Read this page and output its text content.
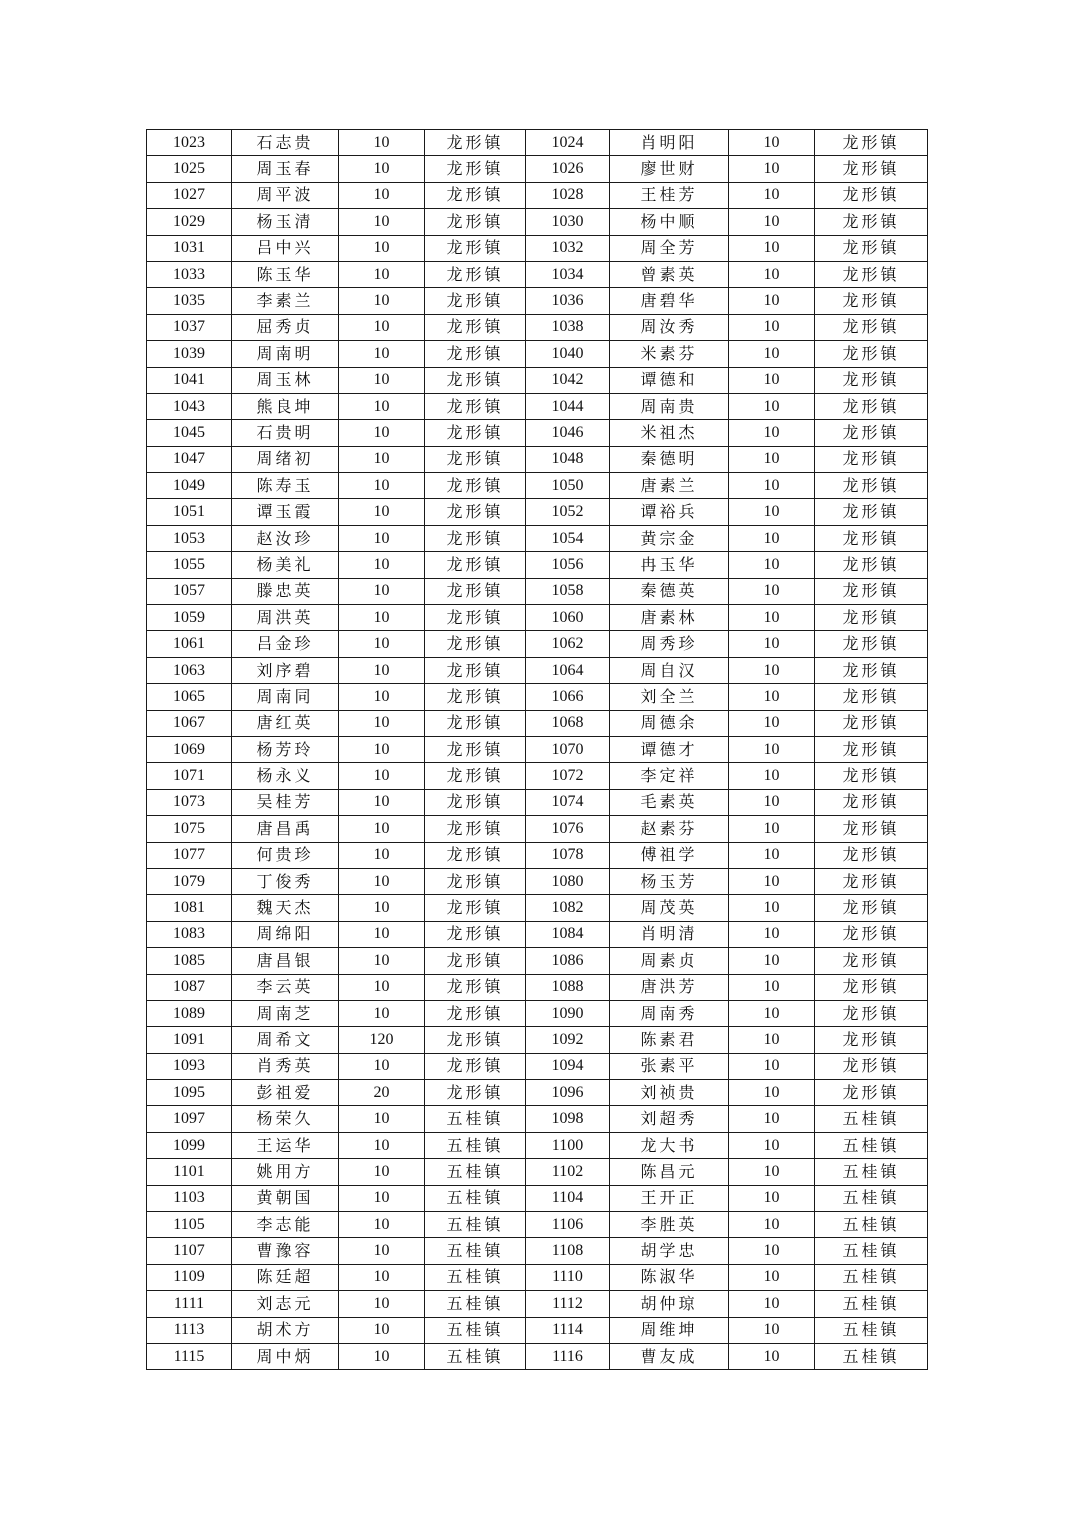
1023	石志贵	10	龙形镇	1024	肖明阳	10	龙形镇
1025	周玉春	10	龙形镇	1026	廖世财	10	龙形镇
1027	周平波	10	龙形镇	1028	王桂芳	10	龙形镇
1029	杨玉清	10	龙形镇	1030	杨中顺	10	龙形镇
1031	吕中兴	10	龙形镇	1032	周全芳	10	龙形镇
1033	陈玉华	10	龙形镇	1034	曾素英	10	龙形镇
1035	李素兰	10	龙形镇	1036	唐碧华	10	龙形镇
1037	屈秀贞	10	龙形镇	1038	周汝秀	10	龙形镇
1039	周南明	10	龙形镇	1040	米素芬	10	龙形镇
1041	周玉林	10	龙形镇	1042	谭德和	10	龙形镇
1043	熊良坤	10	龙形镇	1044	周南贵	10	龙形镇
1045	石贵明	10	龙形镇	1046	米祖杰	10	龙形镇
1047	周绪初	10	龙形镇	1048	秦德明	10	龙形镇
1049	陈寿玉	10	龙形镇	1050	唐素兰	10	龙形镇
1051	谭玉霞	10	龙形镇	1052	谭裕兵	10	龙形镇
1053	赵汝珍	10	龙形镇	1054	黄宗金	10	龙形镇
1055	杨美礼	10	龙形镇	1056	冉玉华	10	龙形镇
1057	滕忠英	10	龙形镇	1058	秦德英	10	龙形镇
1059	周洪英	10	龙形镇	1060	唐素林	10	龙形镇
1061	吕金珍	10	龙形镇	1062	周秀珍	10	龙形镇
1063	刘序碧	10	龙形镇	1064	周自汉	10	龙形镇
1065	周南同	10	龙形镇	1066	刘全兰	10	龙形镇
1067	唐红英	10	龙形镇	1068	周德余	10	龙形镇
1069	杨芳玲	10	龙形镇	1070	谭德才	10	龙形镇
1071	杨永义	10	龙形镇	1072	李定祥	10	龙形镇
1073	吴桂芳	10	龙形镇	1074	毛素英	10	龙形镇
1075	唐昌禹	10	龙形镇	1076	赵素芬	10	龙形镇
1077	何贵珍	10	龙形镇	1078	傅祖学	10	龙形镇
1079	丁俊秀	10	龙形镇	1080	杨玉芳	10	龙形镇
1081	魏天杰	10	龙形镇	1082	周茂英	10	龙形镇
1083	周绵阳	10	龙形镇	1084	肖明清	10	龙形镇
1085	唐昌银	10	龙形镇	1086	周素贞	10	龙形镇
1087	李云英	10	龙形镇	1088	唐洪芳	10	龙形镇
1089	周南芝	10	龙形镇	1090	周南秀	10	龙形镇
1091	周希文	120	龙形镇	1092	陈素君	10	龙形镇
1093	肖秀英	10	龙形镇	1094	张素平	10	龙形镇
1095	彭祖爱	20	龙形镇	1096	刘祯贵	10	龙形镇
1097	杨荣久	10	五桂镇	1098	刘超秀	10	五桂镇
1099	王运华	10	五桂镇	1100	龙大书	10	五桂镇
1101	姚用方	10	五桂镇	1102	陈昌元	10	五桂镇
1103	黄朝国	10	五桂镇	1104	王开正	10	五桂镇
1105	李志能	10	五桂镇	1106	李胜英	10	五桂镇
1107	曹豫容	10	五桂镇	1108	胡学忠	10	五桂镇
1109	陈廷超	10	五桂镇	1110	陈淑华	10	五桂镇
1111	刘志元	10	五桂镇	1112	胡仲琼	10	五桂镇
1113	胡术方	10	五桂镇	1114	周维坤	10	五桂镇
1115	周中炳	10	五桂镇	1116	曹友成	10	五桂镇
